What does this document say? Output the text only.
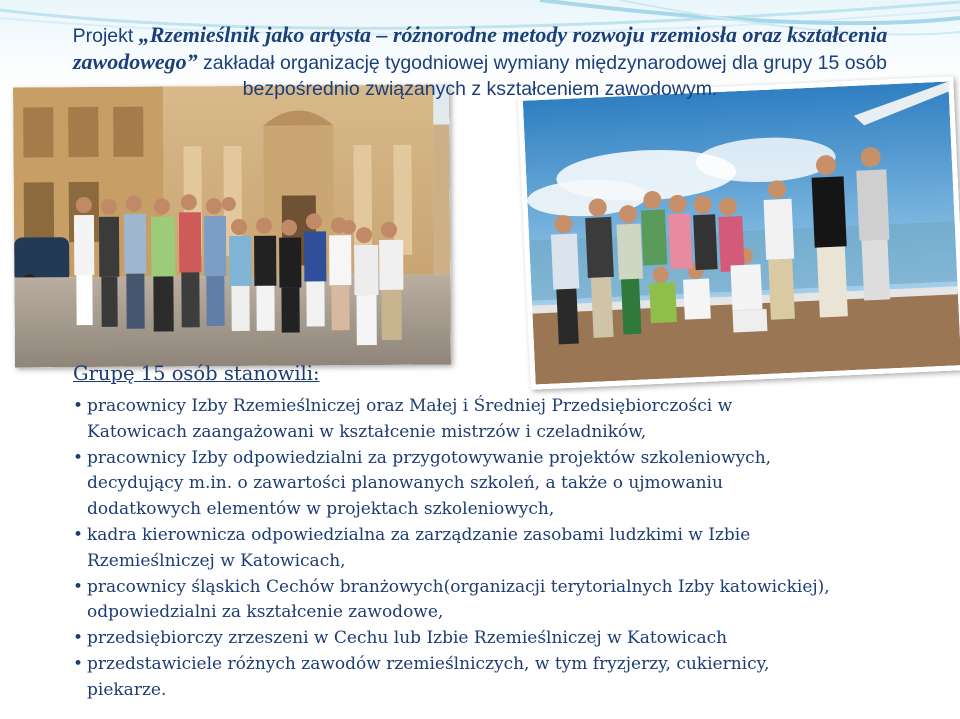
Projekt „Rzemieślnik jako artysta – różnorodne metody rozwoju rzemiosła oraz kształcenia zawodowego” zakładał organizację tygodniowej wymiany międzynarodowej dla grupy 15 osób bezpośrednio związanych z kształceniem zawodowym.
Grupę 15 osób stanowili:
• pracownicy Izby Rzemieślniczej oraz Małej i Średniej Przedsiębiorczości w Katowicach zaangażowani w kształcenie mistrzów i czeladników,
• pracownicy Izby odpowiedzialni za przygotowywanie projektów szkoleniowych, decydujący m.in. o zawartości planowanych szkoleń, a także o ujmowaniu dodatkowych elementów w projektach szkoleniowych,
• kadra kierownicza odpowiedzialna za zarządzanie zasobami ludzkimi w Izbie Rzemieślniczej w Katowicach,
• pracownicy śląskich Cechów branżowych(organizacji terytorialnych Izby katowickiej), odpowiedzialni za kształcenie zawodowe,
• przedsiębiorczy zrzeszeni w Cechu lub Izbie Rzemieślniczej w Katowicach
• przedstawiciele różnych zawodów rzemieślniczych, w tym fryzjerzy, cukiernicy, piekarze.
